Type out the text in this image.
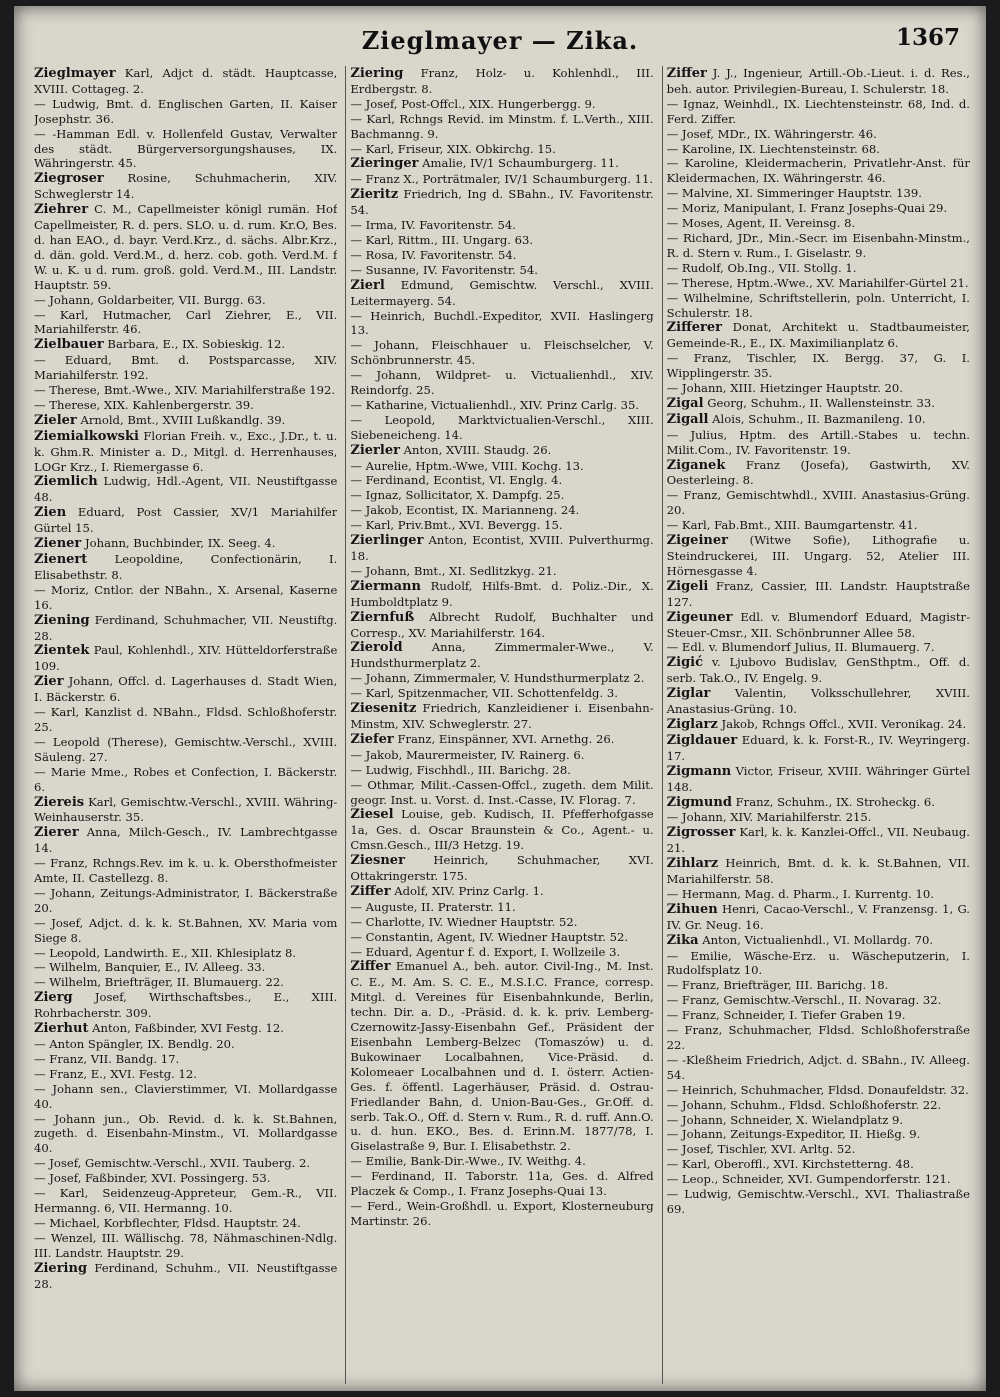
Zieglmayer — Zika.	1367

Zieglmayer Karl, Adjct d. städt. Hauptcasse, XVIII. Cottageg. 2.

— Ludwig, Bmt. d. Englischen Garten, II. Kaiser Josephstr. 36.

— -Hamman Edl. v. Hollenfeld Gustav, Verwalter des städt. Bürgerversorgungshauses, IX. Währingerstr. 45.

Ziegroser Rosine, Schuhmacherin, XIV. Schweglerstr 14.

Ziehrer C. M., Capellmeister königl rumän. Hof Capellmeister, R. d. pers. SLO. u. d. rum. Kr.O, Bes. d. han EAO., d. bayr. Verd.Krz., d. sächs. Albr.Krz., d. dän. gold. Verd.M., d. herz. cob. goth. Verd.M. f W. u. K. u d. rum. groß. gold. Verd.M., III. Landstr. Hauptstr. 59.

— Johann, Goldarbeiter, VII. Burgg. 63.

— Karl, Hutmacher, Carl Ziehrer, E., VII. Mariahilferstr. 46.

Zielbauer Barbara, E., IX. Sobieskig. 12.

— Eduard, Bmt. d. Postsparcasse, XIV. Mariahilferstr. 192.

— Therese, Bmt.-Wwe., XIV. Mariahilferstraße 192.

— Therese, XIX. Kahlenbergerstr. 39.

Zieler Arnold, Bmt., XVIII Lußkandlg. 39.

Ziemialkowski Florian Freih. v., Exc., J.Dr., t. u. k. Ghm.R. Minister a. D., Mitgl. d. Herrenhauses, LOGr Krz., I. Riemergasse 6.

Ziemlich Ludwig, Hdl.-Agent, VII. Neustiftgasse 48.

Zien Eduard, Post Cassier, XV/1 Mariahilfer Gürtel 15.

Ziener Johann, Buchbinder, IX. Seeg. 4.

Zienert Leopoldine, Confectionärin, I. Elisabethstr. 8.

— Moriz, Cntlor. der NBahn., X. Arsenal, Kaserne 16.

Ziening Ferdinand, Schuhmacher, VII. Neustiftg. 28.

Zientek Paul, Kohlenhdl., XIV. Hütteldorferstraße 109.

Zier Johann, Offcl. d. Lagerhauses d. Stadt Wien, I. Bäckerstr. 6.

— Karl, Kanzlist d. NBahn., Fldsd. Schloßhoferstr. 25.

— Leopold (Therese), Gemischtw.-Verschl., XVIII. Säuleng. 27.

— Marie Mme., Robes et Confection, I. Bäckerstr. 6.

Ziereis Karl, Gemischtw.-Verschl., XVIII. Währing-Weinhauserstr. 35.

Zierer Anna, Milch-Gesch., IV. Lambrechtgasse 14.

— Franz, Rchngs.Rev. im k. u. k. Obersthofmeister Amte, II. Castellezg. 8.

— Johann, Zeitungs-Administrator, I. Bäckerstraße 20.

— Josef, Adjct. d. k. k. St.Bahnen, XV. Maria vom Siege 8.

— Leopold, Landwirth. E., XII. Khlesiplatz 8.

— Wilhelm, Banquier, E., IV. Alleeg. 33.

— Wilhelm, Briefträger, II. Blumauerg. 22.

Zierg Josef, Wirthschaftsbes., E., XIII. Rohrbacherstr. 309.

Zierhut Anton, Faßbinder, XVI Festg. 12.

— Anton Spängler, IX. Bendlg. 20.

— Franz, VII. Bandg. 17.

— Franz, E., XVI. Festg. 12.

— Johann sen., Clavierstimmer, VI. Mollardgasse 40.

— Johann jun., Ob. Revid. d. k. k. St.Bahnen, zugeth. d. Eisenbahn-Minstm., VI. Mollardgasse 40.

— Josef, Gemischtw.-Verschl., XVII. Tauberg. 2.

— Josef, Faßbinder, XVI. Possingerg. 53.

— Karl, Seidenzeug-Appreteur, Gem.-R., VII. Hermanng. 6, VII. Hermanng. 10.

— Michael, Korbflechter, Fldsd. Hauptstr. 24.

— Wenzel, III. Wällischg. 78, Nähmaschinen-Ndlg. III. Landstr. Hauptstr. 29.

Ziering Ferdinand, Schuhm., VII. Neustiftgasse 28.

Ziering Franz, Holz- u. Kohlenhdl., III. Erdbergstr. 8.

— Josef, Post-Offcl., XIX. Hungerbergg. 9.

— Karl, Rchngs Revid. im Minstm. f. L.Verth., XIII. Bachmanng. 9.

— Karl, Friseur, XIX. Obkirchg. 15.

Zieringer Amalie, IV/1 Schaumburgerg. 11.

— Franz X., Porträtmaler, IV/1 Schaumburgerg. 11.

Zieritz Friedrich, Ing d. SBahn., IV. Favoritenstr. 54.

— Irma, IV. Favoritenstr. 54.

— Karl, Rittm., III. Ungarg. 63.

— Rosa, IV. Favoritenstr. 54.

— Susanne, IV. Favoritenstr. 54.

Zierl Edmund, Gemischtw. Verschl., XVIII. Leitermayerg. 54.

— Heinrich, Buchdl.-Expeditor, XVII. Haslingerg 13.

— Johann, Fleischhauer u. Fleischselcher, V. Schönbrunnerstr. 45.

— Johann, Wildpret- u. Victualienhdl., XIV. Reindorfg. 25.

— Katharine, Victualienhdl., XIV. Prinz Carlg. 35.

— Leopold, Marktvictualien-Verschl., XIII. Siebeneicheng. 14.

Zierler Anton, XVIII. Staudg. 26.

— Aurelie, Hptm.-Wwe, VIII. Kochg. 13.

— Ferdinand, Econtist, VI. Englg. 4.

— Ignaz, Sollicitator, X. Dampfg. 25.

— Jakob, Econtist, IX. Marianneng. 24.

— Karl, Priv.Bmt., XVI. Bevergg. 15.

Zierlinger Anton, Econtist, XVIII. Pulverthurmg. 18.

— Johann, Bmt., XI. Sedlitzkyg. 21.

Ziermann Rudolf, Hilfs-Bmt. d. Poliz.-Dir., X. Humboldtplatz 9.

Ziernfuß Albrecht Rudolf, Buchhalter und Corresp., XV. Mariahilferstr. 164.

Zierold	Anna, Zimmermaler-Wwe., V. Hundsthurmerplatz 2.

— Johann, Zimmermaler, V. Hundsthurmerplatz 2.

— Karl, Spitzenmacher, VII. Schottenfeldg. 3.

Ziesenitz Friedrich, Kanzleidiener i. Eisenbahn-Minstm, XIV. Schweglerstr. 27.

Ziefer Franz, Einspänner, XVI. Arnethg. 26.

— Jakob, Maurermeister, IV. Rainerg. 6.

— Ludwig, Fischhdl., III. Barichg. 28.

— Othmar, Milit.-Cassen-Offcl., zugeth. dem Milit. geogr. Inst. u. Vorst. d. Inst.-Casse, IV. Florag. 7.

Ziesel Louise, geb. Kudisch, II. Pfefferhofgasse 1a, Ges. d. Oscar Braunstein & Co., Agent.- u. Cmsn.Gesch., III/3 Hetzg. 19.

Ziesner Heinrich, Schuhmacher, XVI. Ottakringerstr. 175.

Ziffer Adolf, XIV. Prinz Carlg. 1.

— Auguste, II. Praterstr. 11.

— Charlotte, IV. Wiedner Hauptstr. 52.

— Constantin, Agent, IV. Wiedner Hauptstr. 52.

— Eduard, Agentur f. d. Export, I. Wollzeile 3.

Ziffer Emanuel A., beh. autor. Civil-Ing., M. Inst. C. E., M. Am. S. C. E., M.S.I.C. France, corresp. Mitgl. d. Vereines für Eisenbahnkunde, Berlin, techn. Dir. a. D., -Präsid. d. k. k. priv. Lemberg-Czernowitz-Jassy-Eisenbahn Gef., Präsident der Eisenbahn Lemberg-Belzec (Tomaszów) u. d. Bukowinaer Localbahnen, Vice-Präsid. d. Kolomeaer Localbahnen und d. I. österr. Actien-Ges. f. öffentl. Lagerhäuser, Präsid. d. Ostrau-Friedlander Bahn, d. Union-Bau-Ges., Gr.Off. d. serb. Tak.O., Off. d. Stern v. Rum., R. d. ruff. Ann.O. u. d. hun. EKO., Bes. d. Erinn.M. 1877/78, I. Giselastraße 9, Bur. I. Elisabethstr. 2.

— Emilie, Bank-Dir.-Wwe., IV. Weithg. 4.

— Ferdinand, II. Taborstr. 11a, Ges. d. Alfred Placzek & Comp., I. Franz Josephs-Quai 13.

— Ferd., Wein-Großhdl. u. Export, Klosterneuburg Martinstr. 26.

Ziffer J. J., Ingenieur, Artill.-Ob.-Lieut. i. d. Res., beh. autor. Privilegien-Bureau, I. Schulerstr. 18.

— Ignaz, Weinhdl., IX. Liechtensteinstr. 68, Ind. d. Ferd. Ziffer.

— Josef, MDr., IX. Währingerstr. 46.

— Karoline, IX. Liechtensteinstr. 68.

— Karoline, Kleidermacherin, Privatlehr-Anst. für Kleidermachen, IX. Währingerstr. 46.

— Malvine, XI. Simmeringer Hauptstr. 139.

— Moriz, Manipulant, I. Franz Josephs-Quai 29.

— Moses, Agent, II. Vereinsg. 8.

— Richard, JDr., Min.-Secr. im Eisenbahn-Minstm., R. d. Stern v. Rum., I. Giselastr. 9.

— Rudolf, Ob.Ing., VII. Stollg. 1.

— Therese, Hptm.-Wwe., XV. Mariahilfer-Gürtel 21.

— Wilhelmine, Schriftstellerin, poln. Unterricht, I. Schulerstr. 18.

Zifferer Donat, Architekt u. Stadtbaumeister, Gemeinde-R., E., IX. Maximilianplatz 6.

— Franz, Tischler, IX. Bergg. 37, G. I. Wipplingerstr. 35.

— Johann, XIII. Hietzinger Hauptstr. 20.

Zigal Georg, Schuhm., II. Wallensteinstr. 33.

Zigall Alois, Schuhm., II. Bazmanileng. 10.

— Julius, Hptm. des Artill.-Stabes u. techn. Milit.Com., IV. Favoritenstr. 19.

Ziganek Franz (Josefa), Gastwirth, XV. Oesterleing. 8.

— Franz, Gemischtwhdl., XVIII. Anastasius-Grüng. 20.

— Karl, Fab.Bmt., XIII. Baumgartenstr. 41.

Zigeiner (Witwe Sofie), Lithografie u. Steindruckerei, III. Ungarg. 52, Atelier III. Hörnesgasse 4.

Zigeli Franz, Cassier, III. Landstr. Hauptstraße 127.

Zigeuner Edl. v. Blumendorf Eduard, Magistr-Steuer-Cmsr., XII. Schönbrunner Allee 58.

— Edl. v. Blumendorf Julius, II. Blumauerg. 7.

Zigić v. Ljubovo Budislav, GenSthptm., Off. d. serb. Tak.O., IV. Engelg. 9.

Ziglar Valentin, Volksschullehrer, XVIII. Anastasius-Grüng. 10.

Ziglarz Jakob, Rchngs Offcl., XVII. Veronikag. 24.

Zigldauer Eduard, k. k. Forst-R., IV. Weyringerg. 17.

Zigmann Victor, Friseur, XVIII. Währinger Gürtel 148.

Zigmund Franz, Schuhm., IX. Stroheckg. 6.

— Johann, XIV. Mariahilferstr. 215.

Zigrosser Karl, k. k. Kanzlei-Offcl., VII. Neubaug. 21.

Zihlarz Heinrich, Bmt. d. k. k. St.Bahnen, VII. Mariahilferstr. 58.

— Hermann, Mag. d. Pharm., I. Kurrentg. 10.

Zihuen Henri, Cacao-Verschl., V. Franzensg. 1, G. IV. Gr. Neug. 16.

Zika Anton, Victualienhdl., VI. Mollardg. 70.

— Emilie, Wäsche-Erz. u. Wäscheputzerin, I. Rudolfsplatz 10.

— Franz, Briefträger, III. Barichg. 18.

— Franz, Gemischtw.-Verschl., II. Novarag. 32.

— Franz, Schneider, I. Tiefer Graben 19.

— Franz, Schuhmacher, Fldsd. Schloßhoferstraße 22.

— -Kleßheim Friedrich, Adjct. d. SBahn., IV. Alleeg. 54.

— Heinrich, Schuhmacher, Fldsd. Donaufeldstr. 32.

— Johann, Schuhm., Fldsd. Schloßhoferstr. 22.

— Johann, Schneider, X. Wielandplatz 9.

— Johann, Zeitungs-Expeditor, II. Hießg. 9.

— Josef, Tischler, XVI. Arltg. 52.

— Karl, Oberoffl., XVI. Kirchstetterng. 48.

— Leop., Schneider, XVI. Gumpendorferstr. 121.

— Ludwig, Gemischtw.-Verschl., XVI. Thaliastraße 69.
